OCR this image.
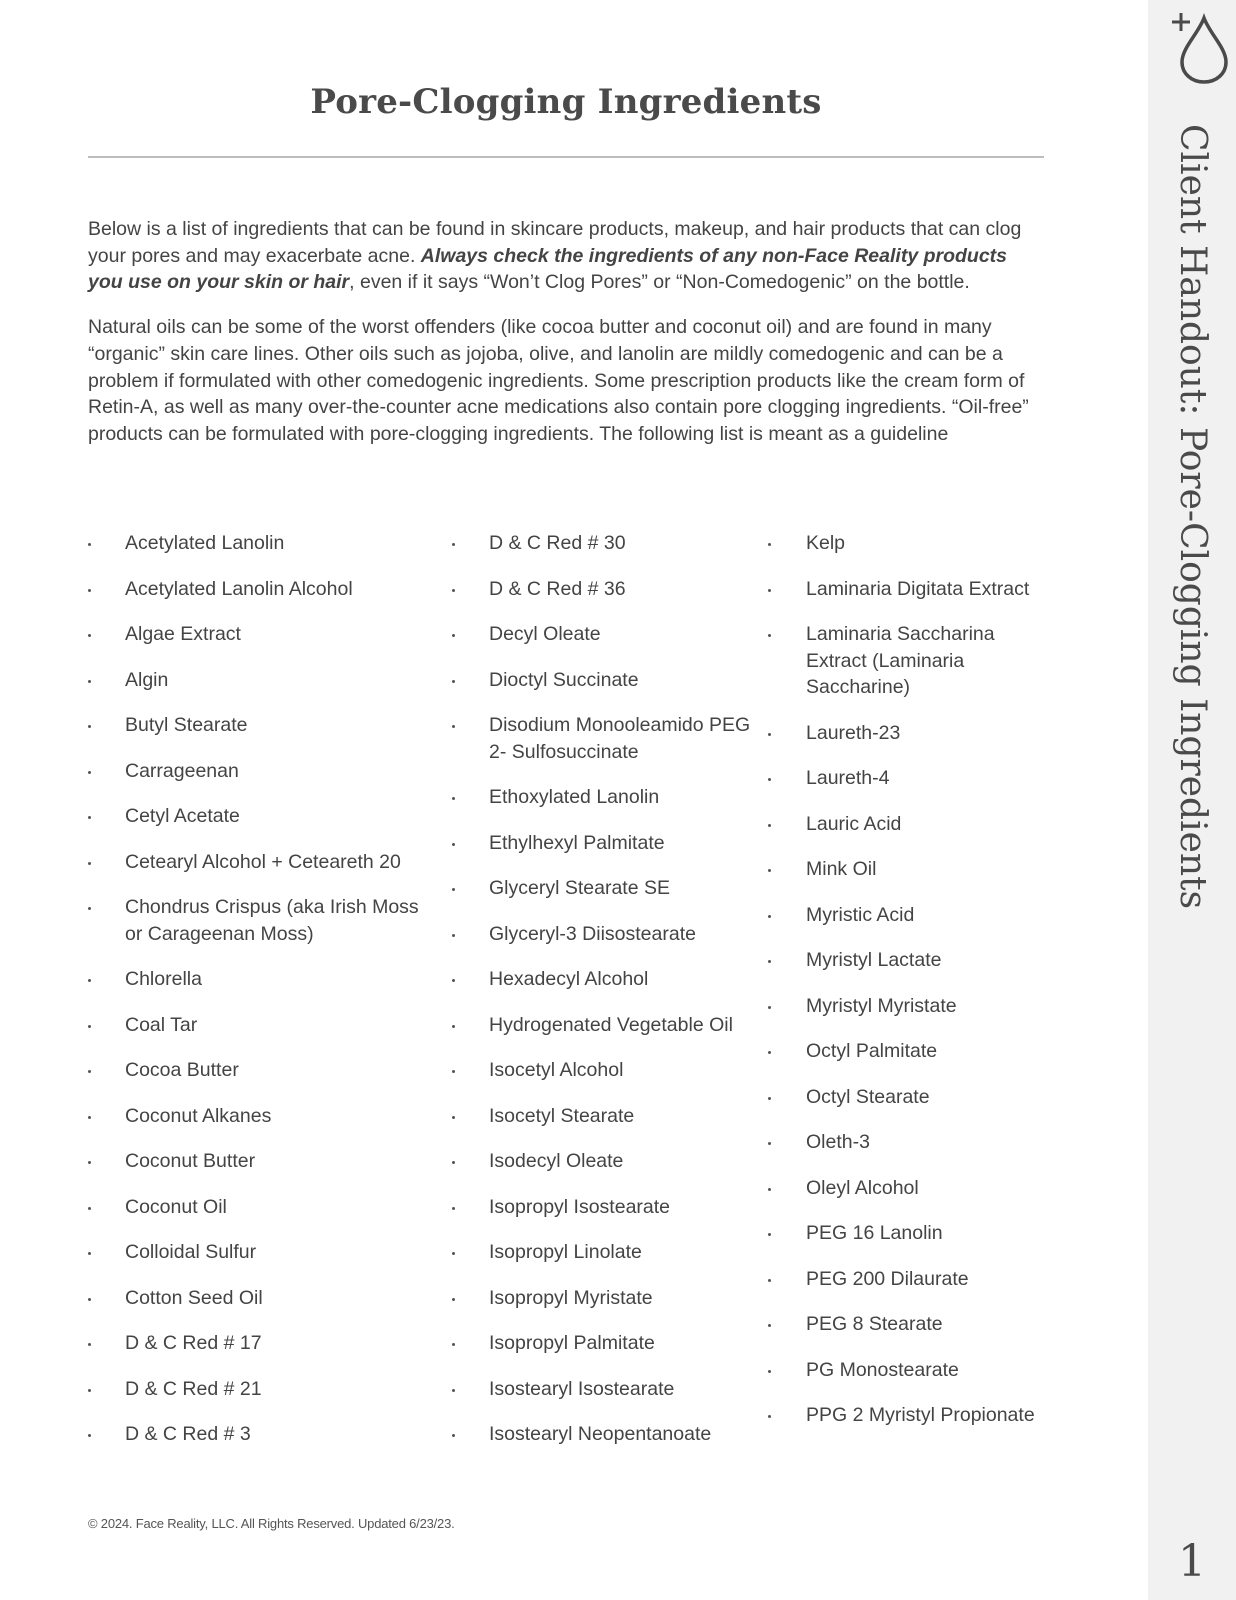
Pore-Clogging Ingredients

Below is a list of ingredients that can be found in skincare products, makeup, and hair products that can clog your pores and may exacerbate acne. Always check the ingredients of any non-Face Reality products you use on your skin or hair, even if it says “Won’t Clog Pores” or “Non-Comedogenic” on the bottle.

Natural oils can be some of the worst offenders (like cocoa butter and coconut oil) and are found in many “organic” skin care lines. Other oils such as jojoba, olive, and lanolin are mildly comedogenic and can be a problem if formulated with other comedogenic ingredients. Some prescription products like the cream form of Retin-A, as well as many over-the-counter acne medications also contain pore clogging ingredients. “Oil-free” products can be formulated with pore-clogging ingredients. The following list is meant as a guideline

Acetylated Lanolin
Acetylated Lanolin Alcohol
Algae Extract
Algin
Butyl Stearate
Carrageenan
Cetyl Acetate
Cetearyl Alcohol + Ceteareth 20
Chondrus Crispus (aka Irish Moss or Carageenan Moss)
Chlorella
Coal Tar
Cocoa Butter
Coconut Alkanes
Coconut Butter
Coconut Oil
Colloidal Sulfur
Cotton Seed Oil
D & C Red # 17
D & C Red # 21
D & C Red # 3
D & C Red # 30
D & C Red # 36
Decyl Oleate
Dioctyl Succinate
Disodium Monooleamido PEG 2- Sulfosuccinate
Ethoxylated Lanolin
Ethylhexyl Palmitate
Glyceryl Stearate SE
Glyceryl-3 Diisostearate
Hexadecyl Alcohol
Hydrogenated Vegetable Oil
Isocetyl Alcohol
Isocetyl Stearate
Isodecyl Oleate
Isopropyl Isostearate
Isopropyl Linolate
Isopropyl Myristate
Isopropyl Palmitate
Isostearyl Isostearate
Isostearyl Neopentanoate
Kelp
Laminaria Digitata Extract
Laminaria Saccharina Extract (Laminaria Saccharine)
Laureth-23
Laureth-4
Lauric Acid
Mink Oil
Myristic Acid
Myristyl Lactate
Myristyl Myristate
Octyl Palmitate
Octyl Stearate
Oleth-3
Oleyl Alcohol
PEG 16 Lanolin
PEG 200 Dilaurate
PEG 8 Stearate
PG Monostearate
PPG 2 Myristyl Propionate
© 2024. Face Reality, LLC. All Rights Reserved. Updated 6/23/23.
Client Handout: Pore-Clogging Ingredients
1
